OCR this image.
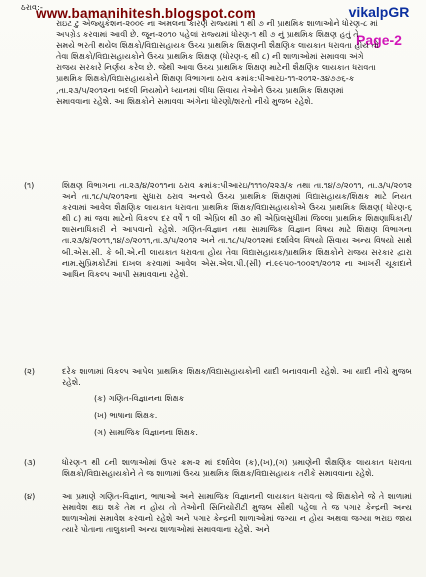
ઠરાવ:-
www.bamanihitesh.blogspot.com	vikalpGR
Page-2
રાઇટ ટુ એજ્યુકેશન-૨૦૦૯ ના અમલના કારણે રાજ્યમાં ૧ થી ૭ ની પ્રાથમિક શાળાઓને ધોરણ-૮ માં અપગ્રેડ કરવામાં આવી છે. જૂન-૨૦૧૦ પહેલાં રાજ્યમાં ધોરણ-૧ થી ૭ નું પ્રાથમિક શિક્ષણ હતું તે સમયે ભરતી થયેલ શિક્ષકો/વિદ્યાસહાયક ઉચ્ચ પ્રાથમિક શિક્ષણની શૈક્ષણિક લાયકાત ધરાવતા હોય તો તેવા શિક્ષકો/વિદ્યાસહાયકોને ઉચ્ચ પ્રાથમિક શિક્ષણ (ધોરણ-૬ થી ૮) ની શાળાઓમાં સમાવવા અંગે રાજય સરકારે નિર્ણય કરેલ છે. જેથી આવા ઉચ્ચ પ્રાથમિક શિક્ષણ માટેની શૈક્ષણિક લાયકાત ધરાવતા પ્રાથમિક શિક્ષકો/વિદ્યાસહાયકોને શિક્ષણ વિભાગના ઠરાવ ક્રમાંક:પીઆરઇ-૧૧-૨૦૧૨-૩૪૭૭૬-ક ,તા.૨૩/૫/૨૦૧૨ના બદલી નિયમોને ધ્યાનમાં લીધા સિવાય તેઓને ઉચ્ચ પ્રાથમિક શિક્ષણમાં સમાવવાના રહેશે. આ શિક્ષકોને સમાવવા અંગેના ધોરણો/શરતો નીચે મુજબ રહેશે.
(૧)	શિક્ષણ વિભાગના તા.૨૩/૪/૨૦૧૧ના ઠરાવ ક્રમાંક:પીઆરઇ/૧૧૧૦/૨૨૩/ક તથા તા.૧૪/૭/૨૦૧૧, તા.૩/૫/૨૦૧૨ અને તા.૧૮/૫/૨૦૧૨ના સુધારા ઠરાવ અન્વયે ઉચ્ચ પ્રાથમિક શિક્ષણમાં વિદ્યાસહાયક/શિક્ષક માટે નિયત કરવામાં આવેલ શૈક્ષણિક લાયકાત ધરાવતા પ્રાથમિક શિક્ષક/વિદ્યાસહાયકોએ ઉચ્ચ પ્રાથમિક શિક્ષણ( ધોરણ-૬ થી ૮) માં જવા માટેનો વિકલ્પ દર વર્ષે ૧ લી એપ્રિલ થી ૩૦ મી એપ્રિલસુધીમાં જિલ્લા પ્રાથમિક શિક્ષણાધિકારી/શાસનાધિકારી ને આપવાનો રહેશે. ગણિત-વિજ્ઞાન તથા સામાજિક વિજ્ઞાન વિષય માટે શિક્ષણ વિભાગના તા.૨૩/૪/૨૦૧૧,૧૪/૭/૨૦૧૧,તા.૩/૫/૨૦૧૨ અને તા.૧૮/૫/૨૦૧૨માં દર્શાવેલ વિષયો સિવાય અન્ય વિષયો સાથે બી.એસ.સી. કે બી.એ.ની લાયકાત ધરાવતા હોય તેવા વિદ્યાસહાયક/પ્રાથમિક શિક્ષકોને રાજય સરકાર દ્વારા નામ.સુપ્રિમકોર્ટમાં દાખલ કરવામાં આવેલ એસ.એલ.પી.(સી) નં.૯૯૫૦-૧૦૦૨૧/૨૦૧૨ ના આખરી ચૂકાદાને આધિન વિકલ્પ આપી સમાવવાના રહેશે.
(૨)	દરેક શાળામાં વિકલ્પ આપેલ પ્રાથમિક શિક્ષક/વિદ્યાસહાયકોની યાદી બનાવવાની રહેશે. આ યાદી નીચે મુજબ રહેશે.
(ક) ગણિત-વિજ્ઞાનના શિક્ષક
(ખ) ભાષાના શિક્ષક.
(ગ) સામાજિક વિજ્ઞાનના શિક્ષક.
(૩)	ધોરણ-૧ થી ૮ની શાળાઓમાં ઉપર ક્રમ-૨ માં દર્શાવેલ (ક),(ખ),(ગ) પ્રમાણેની શૈક્ષણિક લાયકાત ધરાવતા શિક્ષકો/વિદ્યાસહાયકોને તે જ શાળામાં ઉચ્ચ પ્રાથમિક શિક્ષક/વિદ્યાસહાયક તરીકે સમાવવાના રહેશે.
(૪)	આ પ્રમાણે ગણિત-વિજ્ઞાન, ભાષાઓ અને સામાજિક વિજ્ઞાનની લાયકાત ધરાવતા જે શિક્ષકોને જે તે શાળામાં સમાવેશ થઇ શકે તેમ ન હોય તો તેઓની સિનિયોરીટી મુજબ સૌથી પહેલા તે જ પગાર કેન્દ્રની અન્ય શાળાઓમાં સમાવેશ કરવાનો રહેશે અને પગાર કેન્દ્રની શાળાઓમાં જગ્યા ન હોય અથવા જગ્યા ભરાઇ જાય ત્યારે પોતાના તાલુકાની અન્ય શાળાઓમાં સમાવવાના રહેશે. અને
